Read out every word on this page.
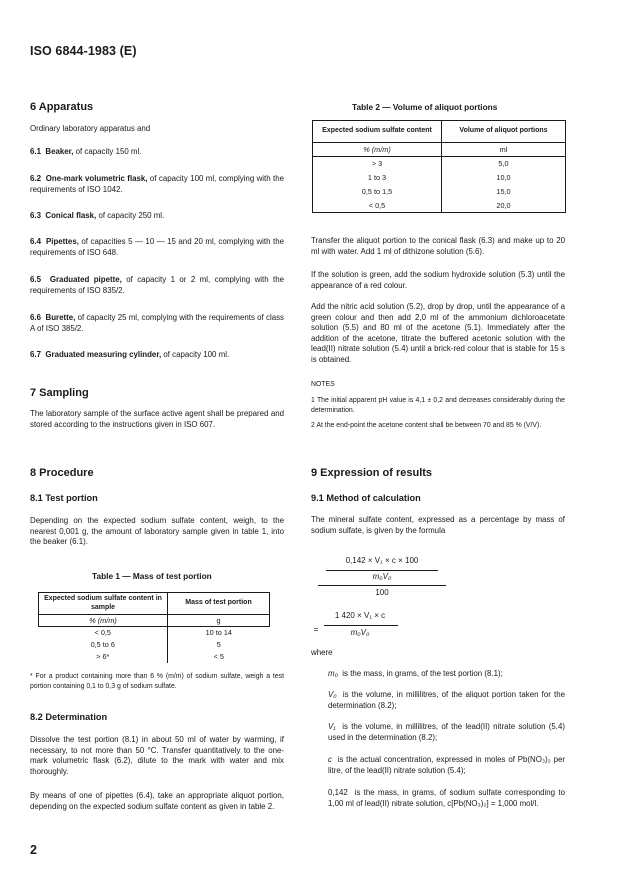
ISO 6844-1983 (E)
6 Apparatus
Ordinary laboratory apparatus and
6.1 Beaker, of capacity 150 ml.
6.2 One-mark volumetric flask, of capacity 100 ml, complying with the requirements of ISO 1042.
6.3 Conical flask, of capacity 250 ml.
6.4 Pipettes, of capacities 5 — 10 — 15 and 20 ml, complying with the requirements of ISO 648.
6.5 Graduated pipette, of capacity 1 or 2 ml, complying with the requirements of ISO 835/2.
6.6 Burette, of capacity 25 ml, complying with the requirements of class A of ISO 385/2.
6.7 Graduated measuring cylinder, of capacity 100 ml.
7 Sampling
The laboratory sample of the surface active agent shall be prepared and stored according to the instructions given in ISO 607.
8 Procedure
8.1 Test portion
Depending on the expected sodium sulfate content, weigh, to the nearest 0,001 g, the amount of laboratory sample given in table 1, into the beaker (6.1).
Table 1 — Mass of test portion
Expected sodium sulfate content in sample	Mass of test portion
% (m/m)	g
< 0,5	10 to 14
0,5 to 6	5
> 6*	< 5
* For a product containing more than 6 % (m/m) of sodium sulfate, weigh a test portion containing 0,1 to 0,3 g of sodium sulfate.
8.2 Determination
Dissolve the test portion (8.1) in about 50 ml of water by warming, if necessary, to not more than 50 °C. Transfer quantitatively to the one-mark volumetric flask (6.2), dilute to the mark with water and mix thoroughly.
By means of one of pipettes (6.4), take an appropriate aliquot portion, depending on the expected sodium sulfate content as given in table 2.
2
Table 2 — Volume of aliquot portions
Expected sodium sulfate content	Volume of aliquot portions
% (m/m)	ml
> 3	5,0
1 to 3	10,0
0,5 to 1,5	15,0
< 0,5	20,0
Transfer the aliquot portion to the conical flask (6.3) and make up to 20 ml with water. Add 1 ml of dithizone solution (5.6).
If the solution is green, add the sodium hydroxide solution (5.3) until the appearance of a red colour.
Add the nitric acid solution (5.2), drop by drop, until the appearance of a green colour and then add 2,0 ml of the ammonium dichloroacetate solution (5.5) and 80 ml of the acetone (5.1). Immediately after the addition of the acetone, titrate the buffered acetonic solution with the lead(II) nitrate solution (5.4) until a brick-red colour that is stable for 15 s is obtained.
NOTES
1 The initial apparent pH value is 4,1 ± 0,2 and decreases considerably during the determination.
2 At the end-point the acetone content shall be between 70 and 85 % (V/V).
9 Expression of results
9.1 Method of calculation
The mineral sulfate content, expressed as a percentage by mass of sodium sulfate, is given by the formula
0,142 × V₁ × c × 100
m₀V₀
100
=
1 420 × V₁ × c
m₀V₀
where
m₀ is the mass, in grams, of the test portion (8.1);
V₀ is the volume, in millilitres, of the aliquot portion taken for the determination (8.2);
V₁ is the volume, in millilitres, of the lead(II) nitrate solution (5.4) used in the determination (8.2);
c is the actual concentration, expressed in moles of Pb(NO₃)₂ per litre, of the lead(II) nitrate solution (5.4);
0,142 is the mass, in grams, of sodium sulfate corresponding to 1,00 ml of lead(II) nitrate solution, c[Pb(NO₃)₂] = 1,000 mol/l.
